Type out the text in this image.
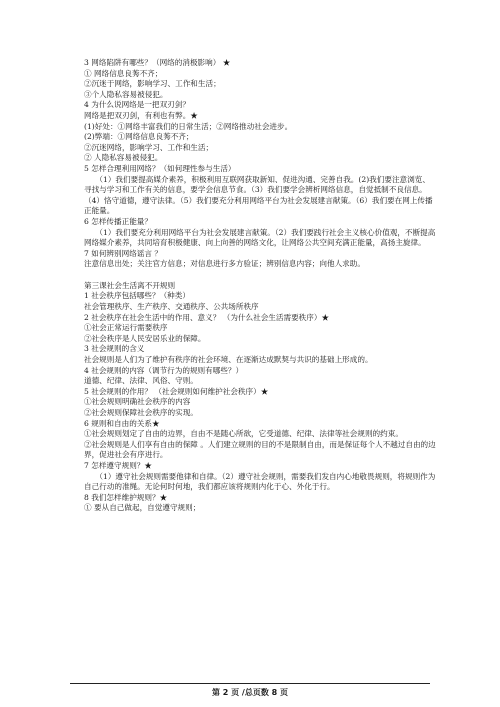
3 网络陷阱有哪些？（网络的消极影响） ★
① 网络信息良莠不齐；
②沉迷于网络，影响学习、工作和生活；
③个人隐私容易被侵犯。
4 为什么说网络是一把双刃剑？
网络是把双刃剑，有利也有弊。★
(1)好处：①网络丰富我们的日常生活；②网络推动社会进步。
(2)弊端：①网络信息良莠不齐；
②沉迷网络，影响学习、工作和生活；
② 人隐私容易被侵犯。
5 怎样合理利用网络？（如何理性参与生活）
（1）我们要提高媒介素养，积极利用互联网获取新知、促进沟通、完善自我。(2)我们要注意浏览、寻找与学习和工作有关的信息，要学会信息节食。（3）我们要学会辨析网络信息，自觉抵制不良信息。（4）恪守道德，遵守法律。（5）我们要充分利用网络平台为社会发展建言献策。（6）我们要在网上传播正能量。
6 怎样传播正能量？
（1）我们要充分利用网络平台为社会发展建言献策。（2）我们要践行社会主义核心价值观，不断提高网络媒介素养，共同培育积极健康、向上向善的网络文化，让网络公共空间充满正能量，高扬主旋律。
7 如何辨别网络谣言 ？
注意信息出处；关注官方信息；对信息进行多方验证；辨别信息内容；向他人求助。
第三课社会生活离不开规则
1 社会秩序包括哪些？（种类）
社会管理秩序、生产秩序、交通秩序、公共场所秩序
2 社会秩序在社会生活中的作用、意义？ （为什么社会生活需要秩序）★
①社会正常运行需要秩序
②社会秩序是人民安居乐业的保障。
3 社会规则的含义
社会规则是人们为了维护有秩序的社会环境、在逐渐达成默契与共识的基础上形成的。
4 社会规则的内容（调节行为的规则有哪些？）
道德、纪律、法律、风俗、守则。
5 社会规则的作用？ （社会规则如何维护社会秩序）★
①社会规则明确社会秩序的内容
②社会规则保障社会秩序的实现。
6 规则和自由的关系★
①社会规则划定了自由的边界，自由不是随心所欲，它受道德、纪律、法律等社会规则的约束。
②社会规则是人们享有自由的保障 。人们建立规则的目的不是限制自由，而是保证每个人不越过自由的边界，促进社会有序进行。
7 怎样遵守规则？★
（1）遵守社会规则需要他律和自律。（2）遵守社会规则，需要我们发自内心地敬畏规则，将规则作为自己行动的准绳。无论何时何地，我们都应该将规则内化于心、外化于行。
8 我们怎样维护规则？★
① 要从自己做起，自觉遵守规则；
第 2 页 /总页数 8 页
